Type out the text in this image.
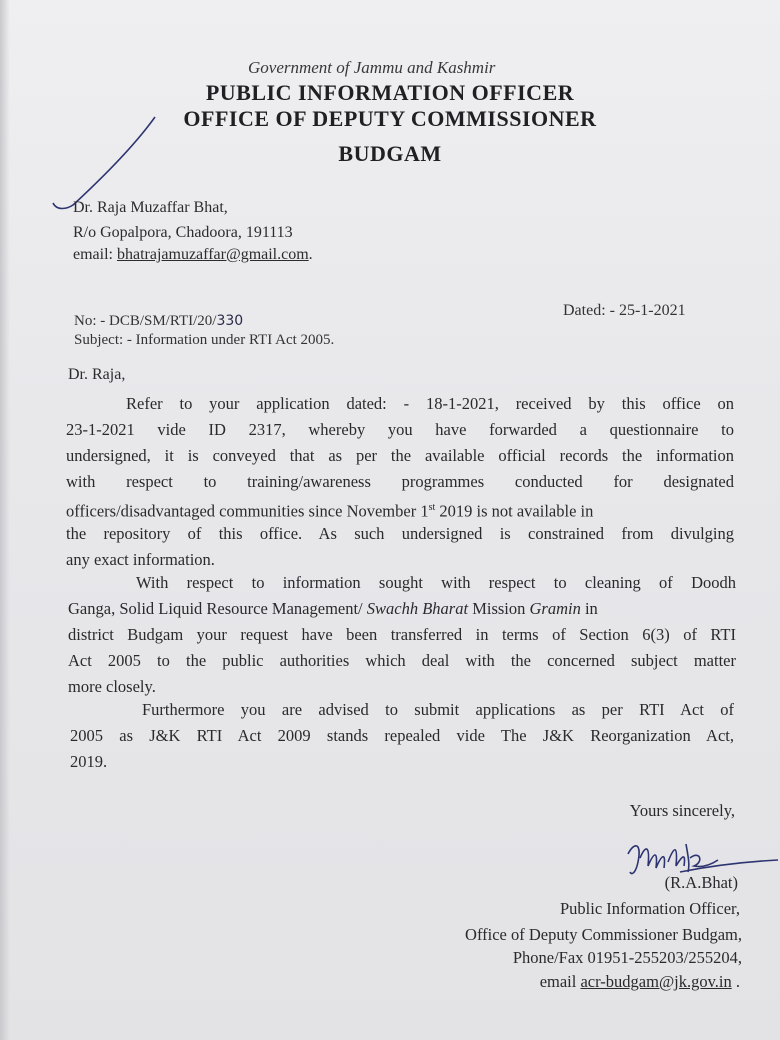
Government of Jammu and Kashmir
PUBLIC INFORMATION OFFICER
OFFICE OF DEPUTY COMMISSIONER
BUDGAM
Dr. Raja Muzaffar Bhat,
R/o Gopalpora, Chadoora, 191113
email: bhatrajamuzaffar@gmail.com.
No: - DCB/SM/RTI/20/330
Dated: - 25-1-2021
Subject: - Information under RTI Act 2005.
Dr. Raja,
Refer to your application dated: - 18-1-2021, received by this office on
23-1-2021 vide ID 2317, whereby you have forwarded a questionnaire to
undersigned, it is conveyed that as per the available official records the information
with respect to training/awareness programmes conducted for designated
officers/disadvantaged communities since November 1st 2019 is not available in
the repository of this office. As such undersigned is constrained from divulging
any exact information.
With respect to information sought with respect to cleaning of Doodh
Ganga, Solid Liquid Resource Management/ Swachh Bharat Mission Gramin in
district Budgam your request have been transferred in terms of Section 6(3) of RTI
Act 2005 to the public authorities which deal with the concerned subject matter
more closely.
Furthermore you are advised to submit applications as per RTI Act of
2005 as J&K RTI Act 2009 stands repealed vide The J&K Reorganization Act,
2019.
Yours sincerely,
(R.A.Bhat)
Public Information Officer,
Office of Deputy Commissioner Budgam,
Phone/Fax 01951-255203/255204,
email acr-budgam@jk.gov.in .
